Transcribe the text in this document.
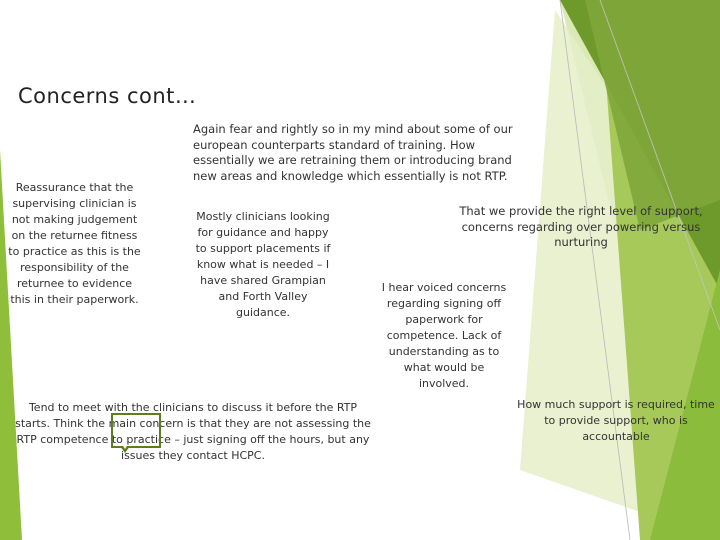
Concerns cont…
Reassurance that the supervising clinician is not making judgement on the returnee fitness to practice as this is the responsibility of the returnee to evidence this in their paperwork.
Again fear and rightly so in my mind about some of our european counterparts standard of training. How essentially we are retraining them or introducing brand new areas and knowledge which essentially is not RTP.
That we provide the right level of support, concerns regarding over powering versus nurturing
Mostly clinicians looking for guidance and happy to support placements if know what is needed – I have shared Grampian and Forth Valley guidance.
I hear voiced concerns regarding signing off paperwork for competence. Lack of understanding as to what would be involved.
How much support is required, time to provide support, who is accountable
Tend to meet with the clinicians to discuss it before the RTP starts. Think the main concern is that they are not assessing the RTP competence to practice – just signing off the hours, but any issues they contact HCPC.
